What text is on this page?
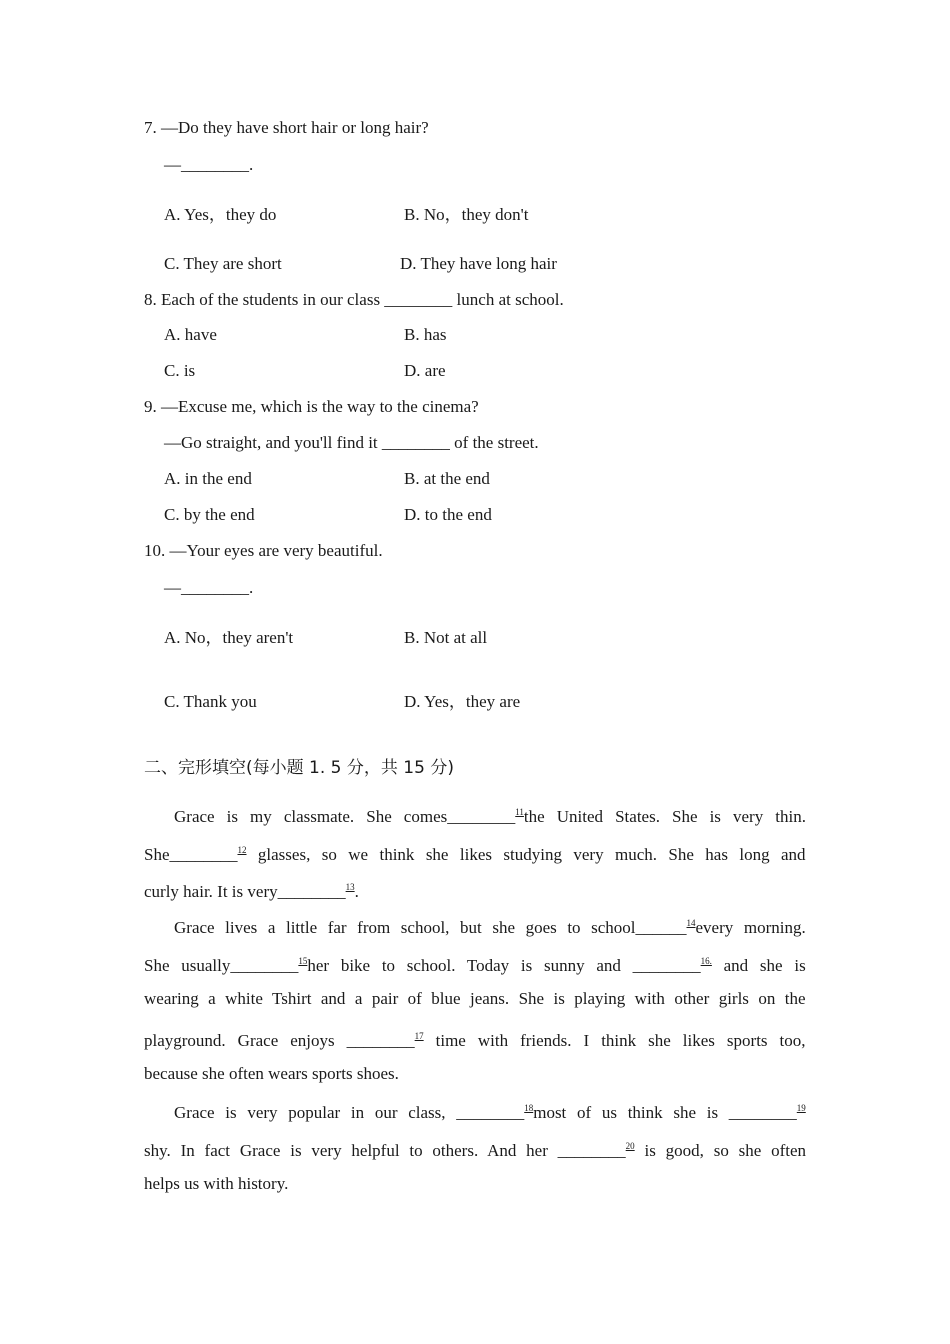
7. —Do they have short hair or long hair?
—________.
A. Yes，they do	B. No，they don't
C. They are short	D. They have long hair
8. Each of the students in our class ________ lunch at school.
A. have	B. has
C. is	D. are
9. —Excuse me, which is the way to the cinema?
—Go straight, and you'll find it ________ of the street.
A. in the end	B. at the end
C. by the end	D. to the end
10. —Your eyes are very beautiful.
—________.
A. No，they aren't	B. Not at all
C. Thank you	D. Yes，they are
二、完形填空(每小题 1. 5 分，共 15 分)
Grace is my classmate. She comes________$^{11}$the United States. She is very thin.
She________$^{12}$ glasses, so we think she likes studying very much. She has long and
curly hair. It is very________$^{13}$.
Grace lives a little far from school, but she goes to school______$^{14}$every morning.
She usually________$^{15}$her bike to school. Today is sunny and ________$^{16.}$ and she is
wearing a white Tshirt and a pair of blue jeans. She is playing with other girls on the
playground. Grace enjoys ________$^{17}$ time with friends. I think she likes sports too,
because she often wears sports shoes.
Grace is very popular in our class, ________$^{18}$most of us think she is ________$^{19}$
shy. In fact Grace is very helpful to others. And her ________$^{20}$ is good, so she often
helps us with history.
